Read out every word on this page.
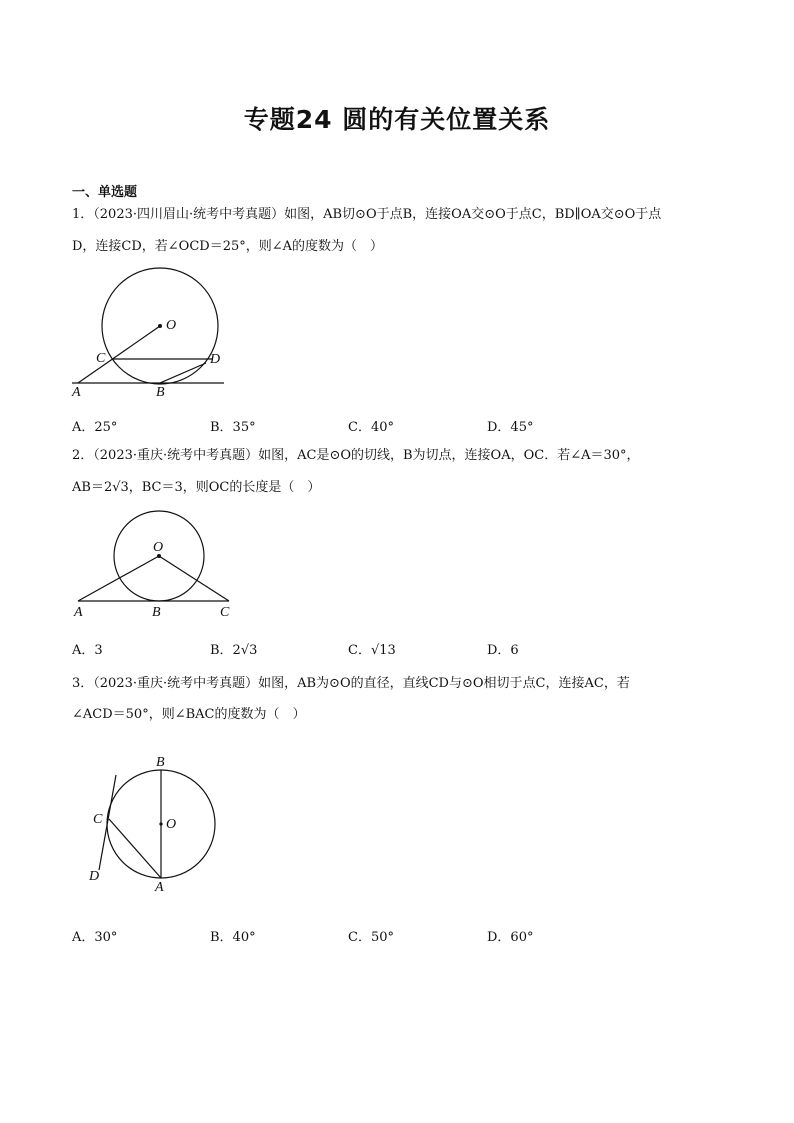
专题24 圆的有关位置关系
一、单选题
1．（2023·四川眉山·统考中考真题）如图，AB切⊙O于点B，连接OA交⊙O于点C，BD∥OA交⊙O于点
D，连接CD，若∠OCD＝25°，则∠A的度数为（　）
O
C	D
A	B
A．25°	B．35°	C．40°	D．45°
2．（2023·重庆·统考中考真题）如图，AC是⊙O的切线，B为切点，连接OA，OC．若∠A＝30°，
AB＝2√3，BC＝3，则OC的长度是（　）
O
A	B	C
A．3	B．2√3	C．√13	D．6
3．（2023·重庆·统考中考真题）如图，AB为⊙O的直径，直线CD与⊙O相切于点C，连接AC，若
∠ACD＝50°，则∠BAC的度数为（　）
B
C	O
D
A
A．30°	B．40°	C．50°	D．60°
